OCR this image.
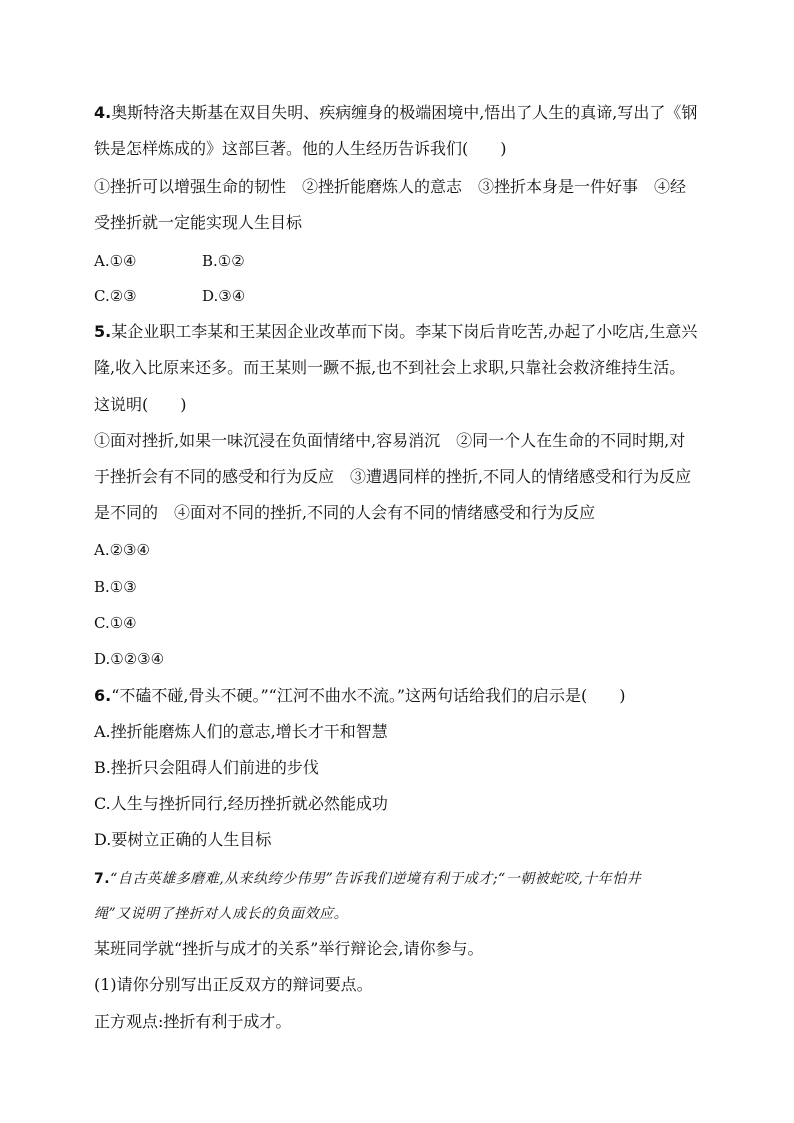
4.奥斯特洛夫斯基在双目失明、疾病缠身的极端困境中,悟出了人生的真谛,写出了《钢
铁是怎样炼成的》这部巨著。他的人生经历告诉我们(　　)
①挫折可以增强生命的韧性　②挫折能磨炼人的意志　③挫折本身是一件好事　④经
受挫折就一定能实现人生目标
A.①④	B.①②
C.②③	D.③④
5.某企业职工李某和王某因企业改革而下岗。李某下岗后肯吃苦,办起了小吃店,生意兴
隆,收入比原来还多。而王某则一蹶不振,也不到社会上求职,只靠社会救济维持生活。
这说明(　　)
①面对挫折,如果一味沉浸在负面情绪中,容易消沉　②同一个人在生命的不同时期,对
于挫折会有不同的感受和行为反应　③遭遇同样的挫折,不同人的情绪感受和行为反应
是不同的　④面对不同的挫折,不同的人会有不同的情绪感受和行为反应
A.②③④
B.①③
C.①④
D.①②③④
6.“不磕不碰,骨头不硬。”“江河不曲水不流。”这两句话给我们的启示是(　　)
A.挫折能磨炼人们的意志,增长才干和智慧
B.挫折只会阻碍人们前进的步伐
C.人生与挫折同行,经历挫折就必然能成功
D.要树立正确的人生目标
7.“自古英雄多磨难,从来纨绔少伟男”告诉我们逆境有利于成才;“一朝被蛇咬,十年怕井
绳”又说明了挫折对人成长的负面效应。
某班同学就“挫折与成才的关系”举行辩论会,请你参与。
(1)请你分别写出正反双方的辩词要点。
正方观点:挫折有利于成才。
